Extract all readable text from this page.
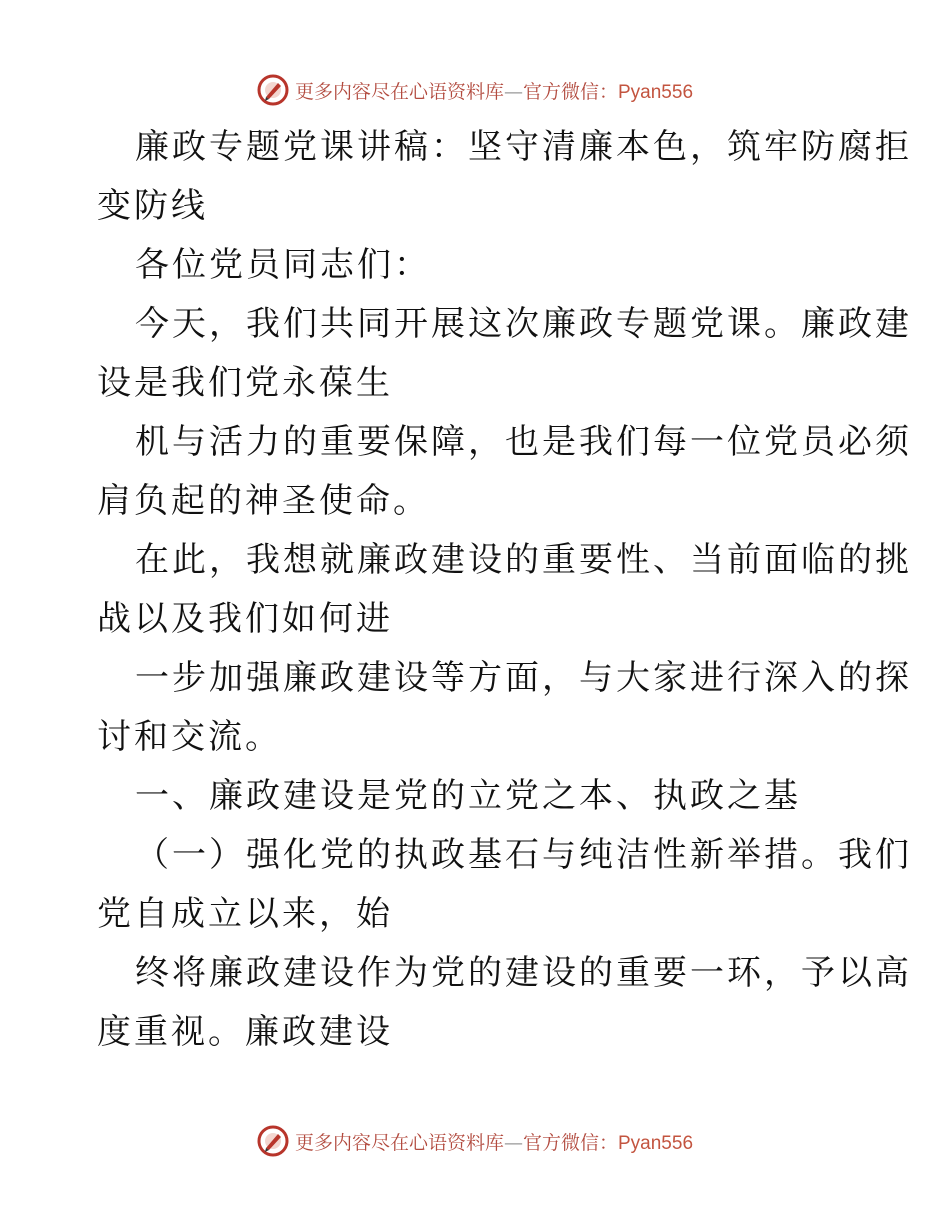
更多内容尽在心语资料库—官方微信：Pyan556

廉政专题党课讲稿：坚守清廉本色，筑牢防腐拒
变防线

各位党员同志们：

今天，我们共同开展这次廉政专题党课。廉政建
设是我们党永葆生

机与活力的重要保障，也是我们每一位党员必须
肩负起的神圣使命。

在此，我想就廉政建设的重要性、当前面临的挑
战以及我们如何进

一步加强廉政建设等方面，与大家进行深入的探
讨和交流。

一、廉政建设是党的立党之本、执政之基

（一）强化党的执政基石与纯洁性新举措。我们
党自成立以来，始

终将廉政建设作为党的建设的重要一环，予以高
度重视。廉政建设

更多内容尽在心语资料库—官方微信：Pyan556
